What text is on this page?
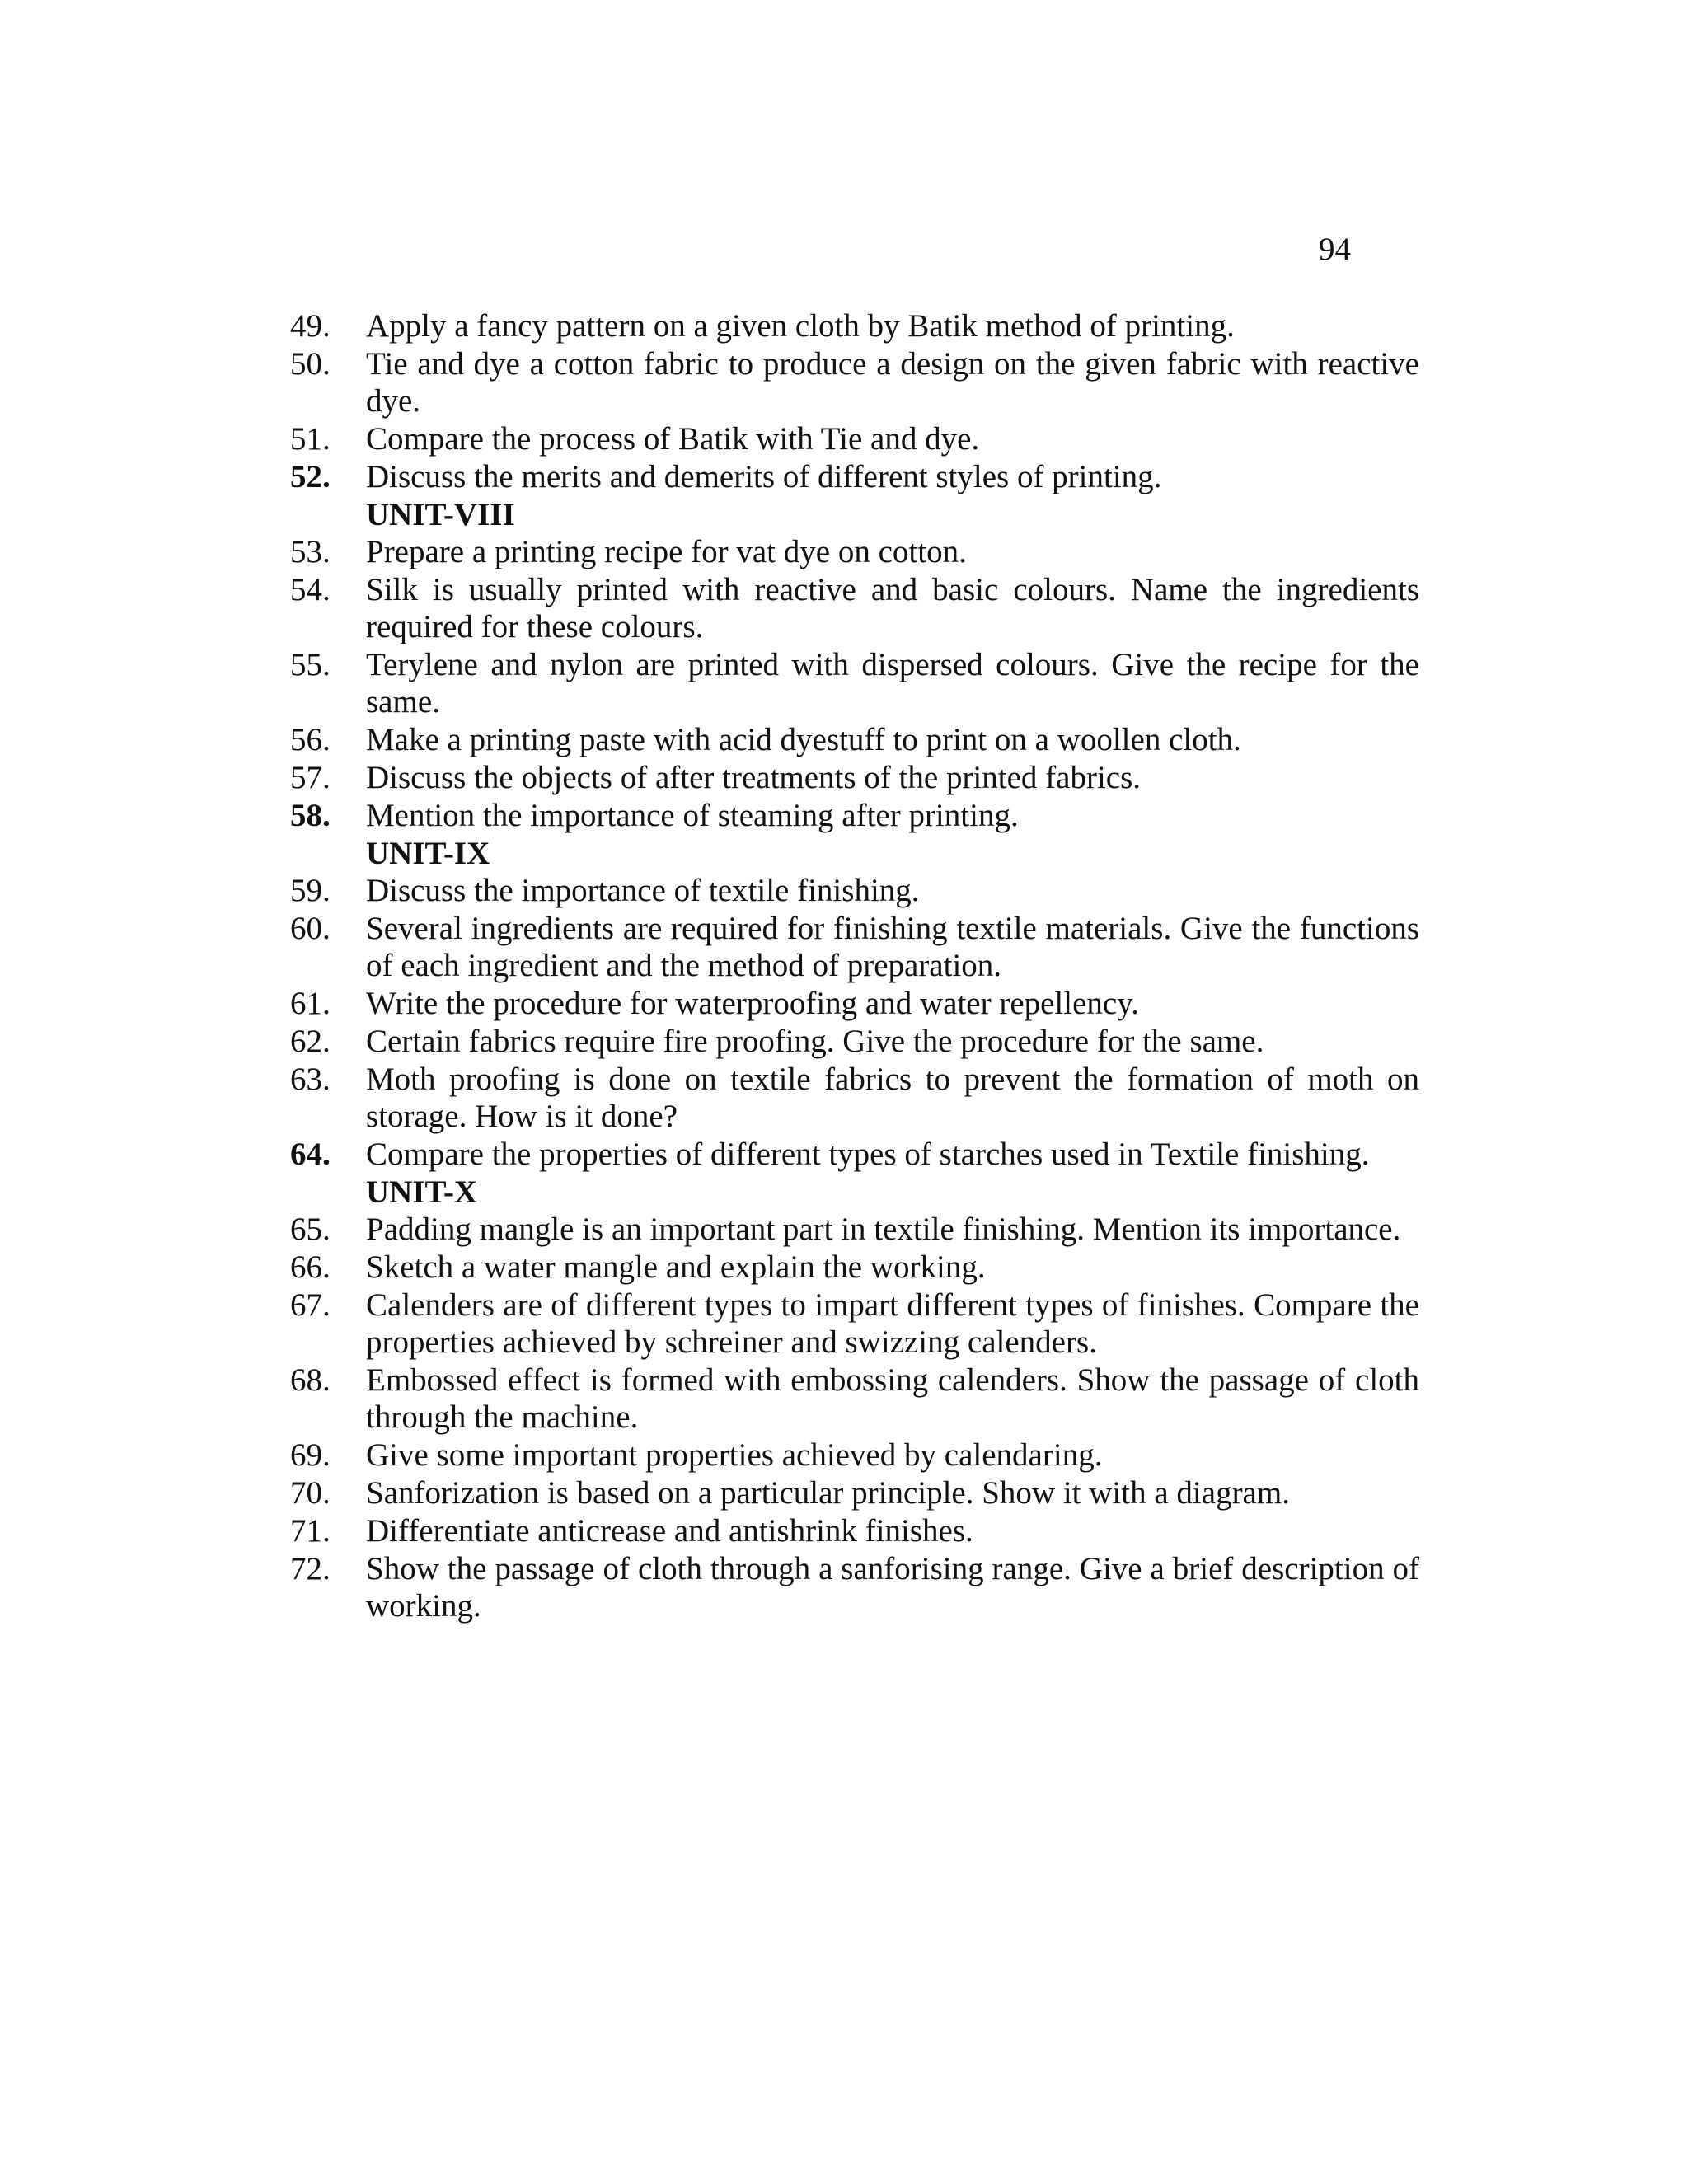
94
49.	Apply a fancy pattern on a given cloth by Batik method of printing.
50.	Tie and dye a cotton fabric to produce a design on the given fabric with reactive dye.
51.	Compare the process of Batik with Tie and dye.
52.	Discuss the merits and demerits of different styles of printing.
UNIT-VIII
53.	Prepare a printing recipe for vat dye on cotton.
54.	Silk is usually printed with reactive and basic colours. Name the ingredients required for these colours.
55.	Terylene and nylon are printed with dispersed colours. Give the recipe for the same.
56.	Make a printing paste with acid dyestuff to print on a woollen cloth.
57.	Discuss the objects of after treatments of the printed fabrics.
58.	Mention the importance of steaming after printing.
UNIT-IX
59.	Discuss the importance of textile finishing.
60.	Several ingredients are required for finishing textile materials. Give the functions of each ingredient and the method of preparation.
61.	Write the procedure for waterproofing and water repellency.
62.	Certain fabrics require fire proofing. Give the procedure for the same.
63.	Moth proofing is done on textile fabrics to prevent the formation of moth on storage. How is it done?
64.	Compare the properties of different types of starches used in Textile finishing.
UNIT-X
65.	Padding mangle is an important part in textile finishing. Mention its importance.
66.	Sketch a water mangle and explain the working.
67.	Calenders are of different types to impart different types of finishes. Compare the properties achieved by schreiner and swizzing calenders.
68.	Embossed effect is formed with embossing calenders. Show the passage of cloth through the machine.
69.	Give some important properties achieved by calendaring.
70.	Sanforization is based on a particular principle. Show it with a diagram.
71.	Differentiate anticrease and antishrink finishes.
72.	Show the passage of cloth through a sanforising range. Give a brief description of working.
